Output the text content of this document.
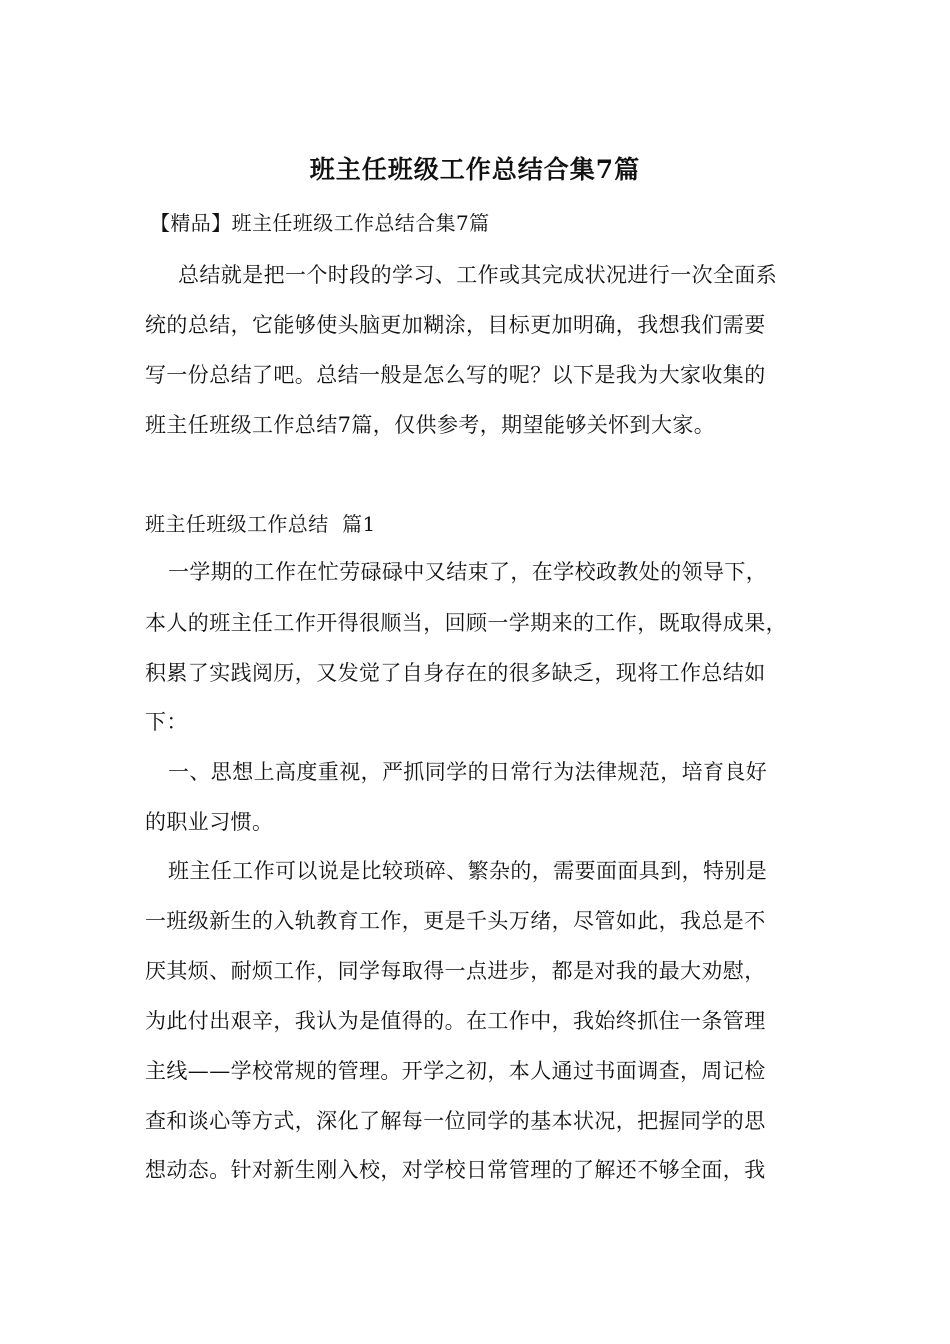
班主任班级工作总结合集7篇
【精品】班主任班级工作总结合集7篇
总结就是把一个时段的学习、工作或其完成状况进行一次全面系
统的总结，它能够使头脑更加糊涂，目标更加明确，我想我们需要
写一份总结了吧。总结一般是怎么写的呢？以下是我为大家收集的
班主任班级工作总结7篇，仅供参考，期望能够关怀到大家。
班主任班级工作总结  篇1
一学期的工作在忙劳碌碌中又结束了，在学校政教处的领导下，
本人的班主任工作开得很顺当，回顾一学期来的工作，既取得成果，
积累了实践阅历，又发觉了自身存在的很多缺乏，现将工作总结如
下：
一、思想上高度重视，严抓同学的日常行为法律规范，培育良好
的职业习惯。
班主任工作可以说是比较琐碎、繁杂的，需要面面具到，特别是
一班级新生的入轨教育工作，更是千头万绪，尽管如此，我总是不
厌其烦、耐烦工作，同学每取得一点进步，都是对我的最大劝慰，
为此付出艰辛，我认为是值得的。在工作中，我始终抓住一条管理
主线——学校常规的管理。开学之初，本人通过书面调查，周记检
查和谈心等方式，深化了解每一位同学的基本状况，把握同学的思
想动态。针对新生刚入校，对学校日常管理的了解还不够全面，我
